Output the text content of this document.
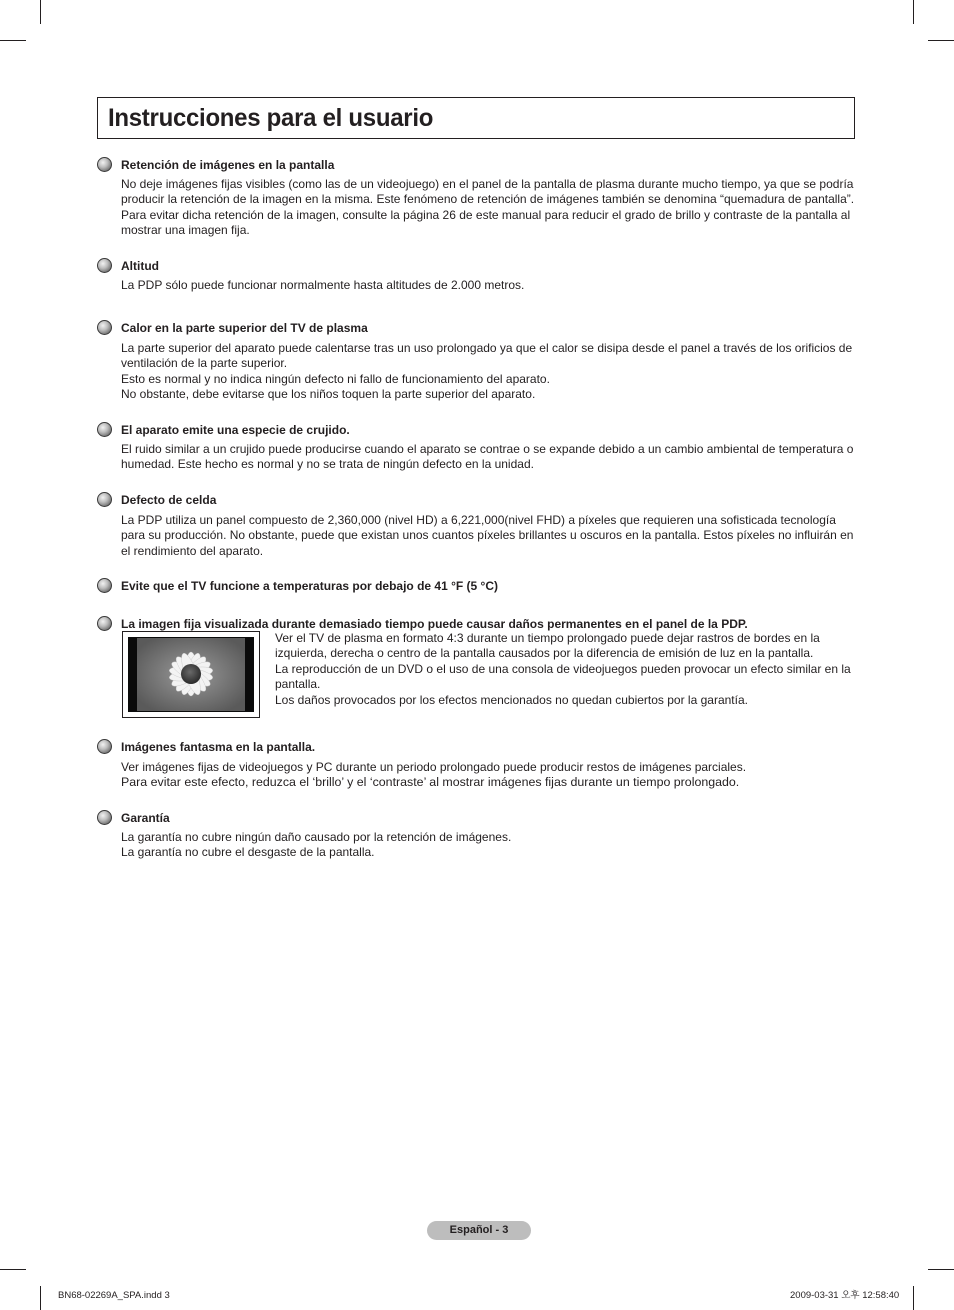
Instrucciones para el usuario
Retención de imágenes en la pantalla

No deje imágenes fijas visibles (como las de un videojuego) en el panel de la pantalla de plasma durante mucho tiempo, ya que se podría producir la retención de la imagen en la misma. Este fenómeno de retención de imágenes también se denomina “quemadura de pantalla”. Para evitar dicha retención de la imagen, consulte la página 26 de este manual para reducir el grado de brillo y contraste de la pantalla al mostrar una imagen fija.

Altitud

La PDP sólo puede funcionar normalmente hasta altitudes de 2.000 metros.

Calor en la parte superior del TV de plasma

La parte superior del aparato puede calentarse tras un uso prolongado ya que el calor se disipa desde el panel a través de los orificios de ventilación de la parte superior.

Esto es normal y no indica ningún defecto ni fallo de funcionamiento del aparato.

No obstante, debe evitarse que los niños toquen la parte superior del aparato.

El aparato emite una especie de crujido.

El ruido similar a un crujido puede producirse cuando el aparato se contrae o se expande debido a un cambio ambiental de temperatura o humedad. Este hecho es normal y no se trata de ningún defecto en la unidad.

Defecto de celda

La PDP utiliza un panel compuesto de 2,360,000 (nivel HD) a 6,221,000(nivel FHD) a píxeles que requieren una sofisticada tecnología para su producción. No obstante, puede que existan unos cuantos píxeles brillantes u oscuros en la pantalla. Estos píxeles no influirán en el rendimiento del aparato.

Evite que el TV funcione a temperaturas por debajo de 41 °F (5 °C)
La imagen fija visualizada durante demasiado tiempo puede causar daños permanentes en el panel de la PDP.

Ver el TV de plasma en formato 4:3 durante un tiempo prolongado puede dejar rastros de bordes en la izquierda, derecha o centro de la pantalla causados por la diferencia de emisión de luz en la pantalla.

La reproducción de un DVD o el uso de una consola de videojuegos pueden provocar un efecto similar en la pantalla.

Los daños provocados por los efectos mencionados no quedan cubiertos por la garantía.

Imágenes fantasma en la pantalla.

Ver imágenes fijas de videojuegos y PC durante un periodo prolongado puede producir restos de imágenes parciales.

Para evitar este efecto, reduzca el ‘brillo’ y el ‘contraste’ al mostrar imágenes fijas durante un tiempo prolongado.

Garantía

La garantía no cubre ningún daño causado por la retención de imágenes.

La garantía no cubre el desgaste de la pantalla.

Español - 3
BN68-02269A_SPA.indd 3	2009-03-31 오후 12:58:40
